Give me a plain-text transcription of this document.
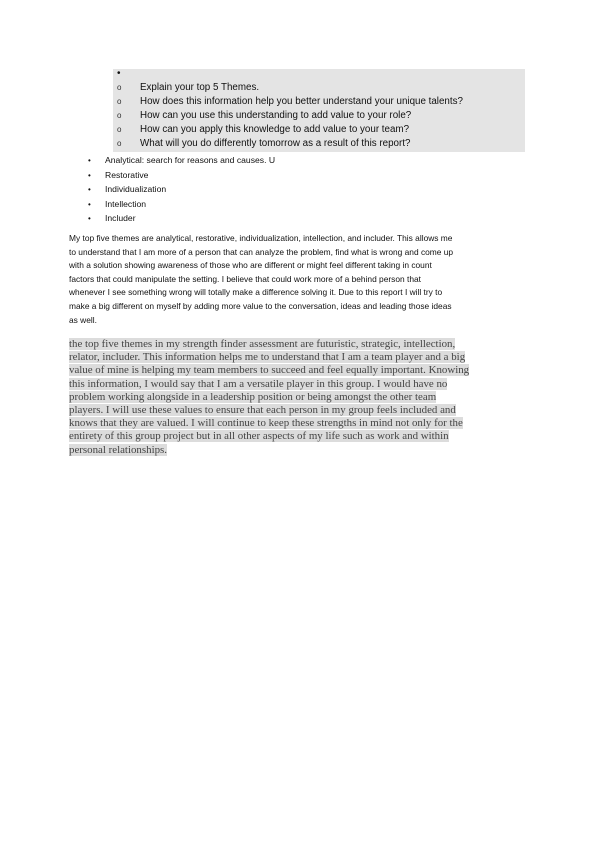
•
o	Explain your top 5 Themes.
o	How does this information help you better understand your unique talents?
o	How can you use this understanding to add value to your role?
o	How can you apply this knowledge to add value to your team?
o	What will you do differently tomorrow as a result of this report?
•	Analytical: search for reasons and causes. U
•	Restorative
•	Individualization
•	Intellection
•	Includer
My top five themes are analytical, restorative, individualization, intellection, and includer. This allows me
to understand that I am more of a person that can analyze the problem, find what is wrong and come up
with a solution showing awareness of those who are different or might feel different taking in count
factors that could manipulate the setting. I believe that could work more of a behind person that
whenever I see something wrong will totally make a difference solving it. Due to this report I will try to
make a big different on myself by adding more value to the conversation, ideas and leading those ideas
as well.
the top five themes in my strength finder assessment are futuristic, strategic, intellection,
relator, includer. This information helps me to understand that I am a team player and a big
value of mine is helping my team members to succeed and feel equally important. Knowing
this information, I would say that I am a versatile player in this group. I would have no
problem working alongside in a leadership position or being amongst the other team
players. I will use these values to ensure that each person in my group feels included and
knows that they are valued. I will continue to keep these strengths in mind not only for the
entirety of this group project but in all other aspects of my life such as work and within
personal relationships.
